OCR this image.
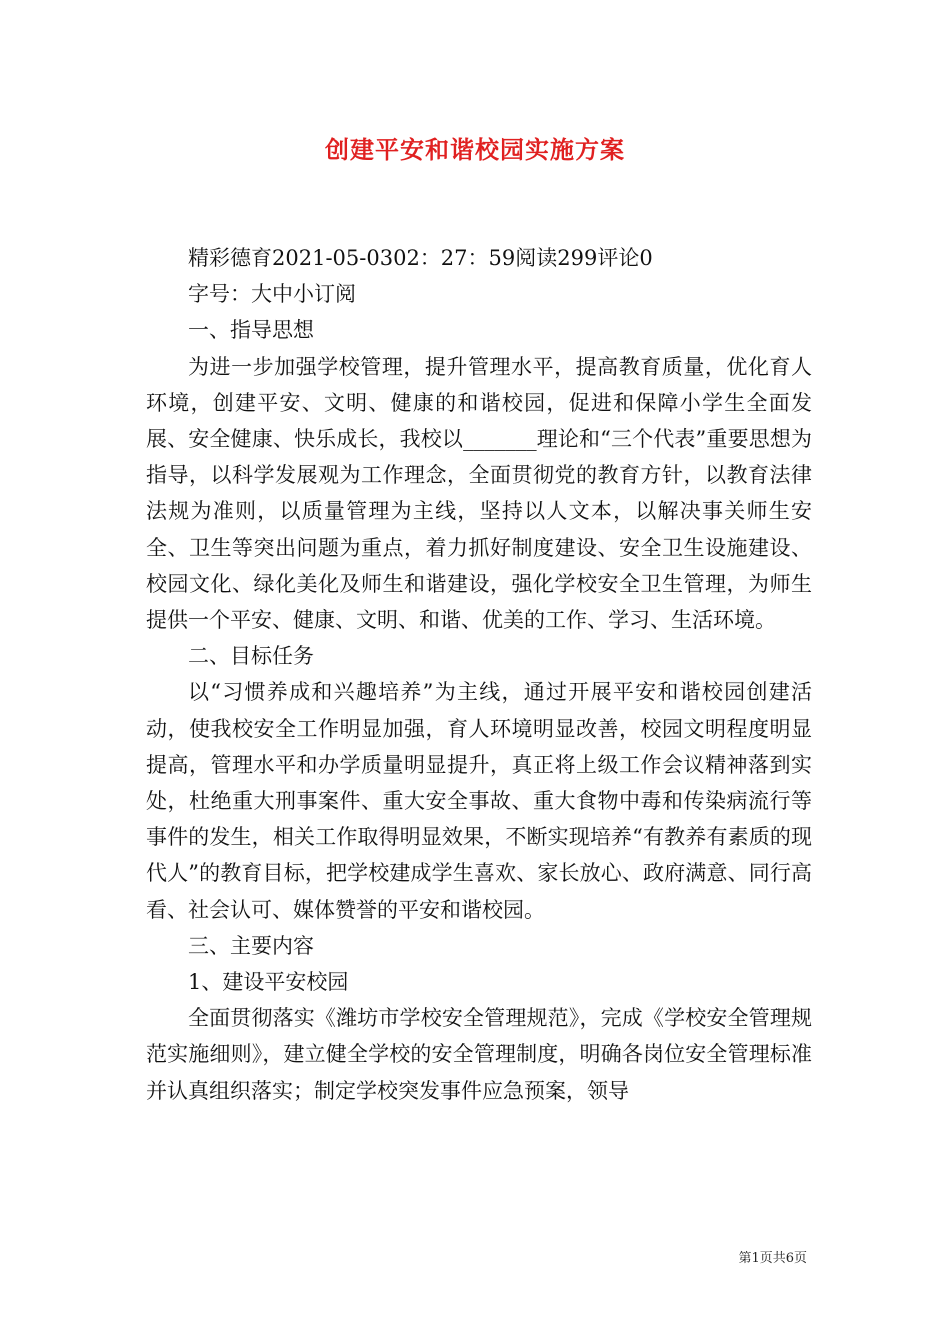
创建平安和谐校园实施方案

精彩德育2021-05-0302：27：59阅读299评论0

字号：大中小订阅

一、指导思想

为进一步加强学校管理，提升管理水平，提高教育质量，优化育人环境，创建平安、文明、健康的和谐校园，促进和保障小学生全面发展、安全健康、快乐成长，我校以_______理论和“三个代表”重要思想为指导，以科学发展观为工作理念，全面贯彻党的教育方针，以教育法律法规为准则，以质量管理为主线，坚持以人文本，以解决事关师生安全、卫生等突出问题为重点，着力抓好制度建设、安全卫生设施建设、校园文化、绿化美化及师生和谐建设，强化学校安全卫生管理，为师生提供一个平安、健康、文明、和谐、优美的工作、学习、生活环境。

二、目标任务

以“习惯养成和兴趣培养”为主线，通过开展平安和谐校园创建活动，使我校安全工作明显加强，育人环境明显改善，校园文明程度明显提高，管理水平和办学质量明显提升，真正将上级工作会议精神落到实处，杜绝重大刑事案件、重大安全事故、重大食物中毒和传染病流行等事件的发生，相关工作取得明显效果，不断实现培养“有教养有素质的现代人”的教育目标，把学校建成学生喜欢、家长放心、政府满意、同行高看、社会认可、媒体赞誉的平安和谐校园。

三、主要内容

1、建设平安校园

全面贯彻落实《潍坊市学校安全管理规范》，完成《学校安全管理规范实施细则》，建立健全学校的安全管理制度，明确各岗位安全管理标准并认真组织落实；制定学校突发事件应急预案，领导

第1页共6页
